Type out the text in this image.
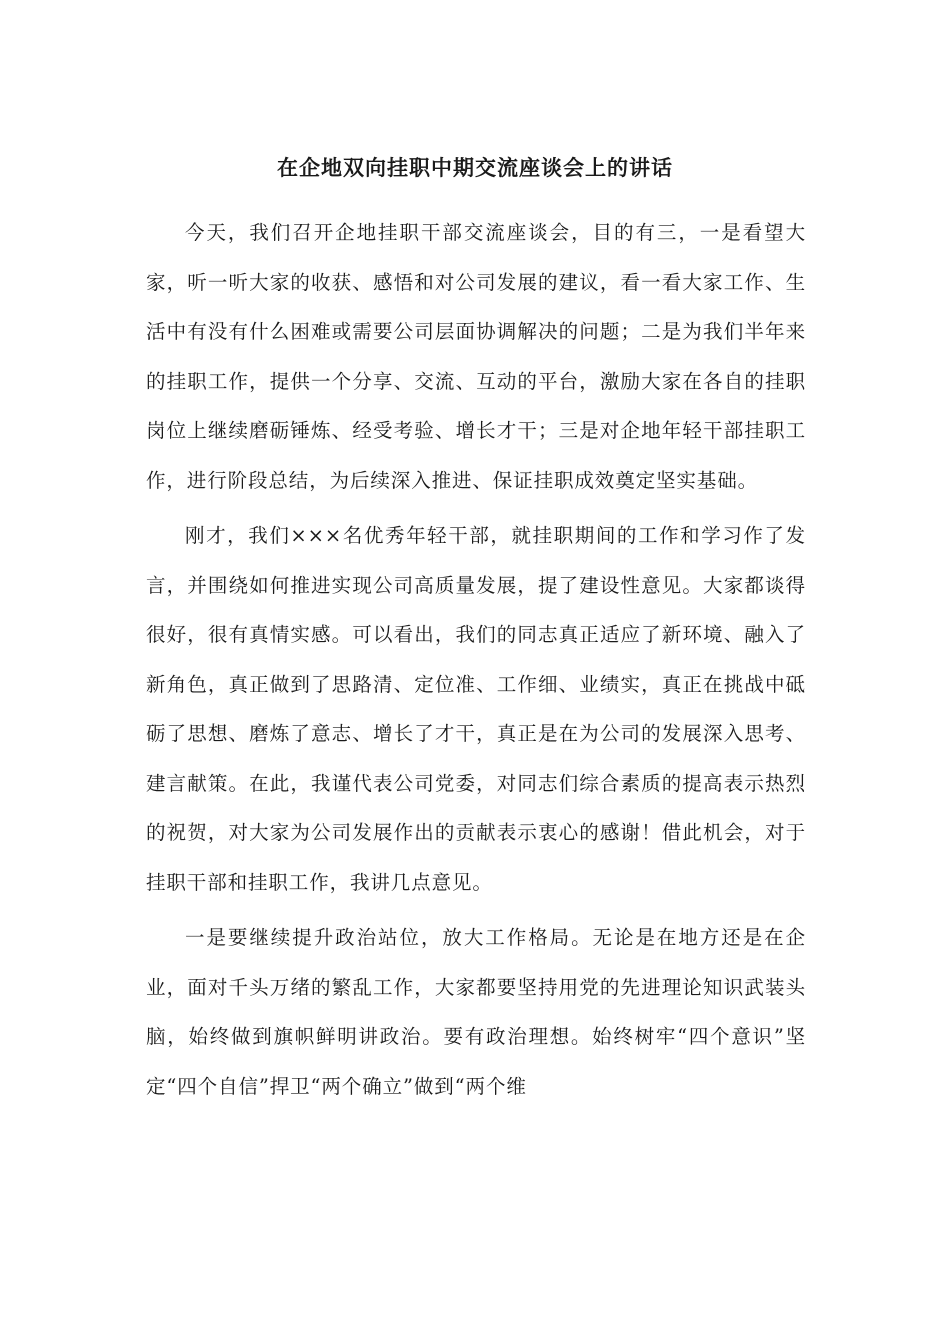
在企地双向挂职中期交流座谈会上的讲话

今天，我们召开企地挂职干部交流座谈会，目的有三，一是看望大家，听一听大家的收获、感悟和对公司发展的建议，看一看大家工作、生活中有没有什么困难或需要公司层面协调解决的问题；二是为我们半年来的挂职工作，提供一个分享、交流、互动的平台，激励大家在各自的挂职岗位上继续磨砺锤炼、经受考验、增长才干；三是对企地年轻干部挂职工作，进行阶段总结，为后续深入推进、保证挂职成效奠定坚实基础。

刚才，我们×××名优秀年轻干部，就挂职期间的工作和学习作了发言，并围绕如何推进实现公司高质量发展，提了建设性意见。大家都谈得很好，很有真情实感。可以看出，我们的同志真正适应了新环境、融入了新角色，真正做到了思路清、定位准、工作细、业绩实，真正在挑战中砥砺了思想、磨炼了意志、增长了才干，真正是在为公司的发展深入思考、建言献策。在此，我谨代表公司党委，对同志们综合素质的提高表示热烈的祝贺，对大家为公司发展作出的贡献表示衷心的感谢！借此机会，对于挂职干部和挂职工作，我讲几点意见。

一是要继续提升政治站位，放大工作格局。无论是在地方还是在企业，面对千头万绪的繁乱工作，大家都要坚持用党的先进理论知识武装头脑，始终做到旗帜鲜明讲政治。要有政治理想。始终树牢“四个意识”坚定“四个自信”捍卫“两个确立”做到“两个维
